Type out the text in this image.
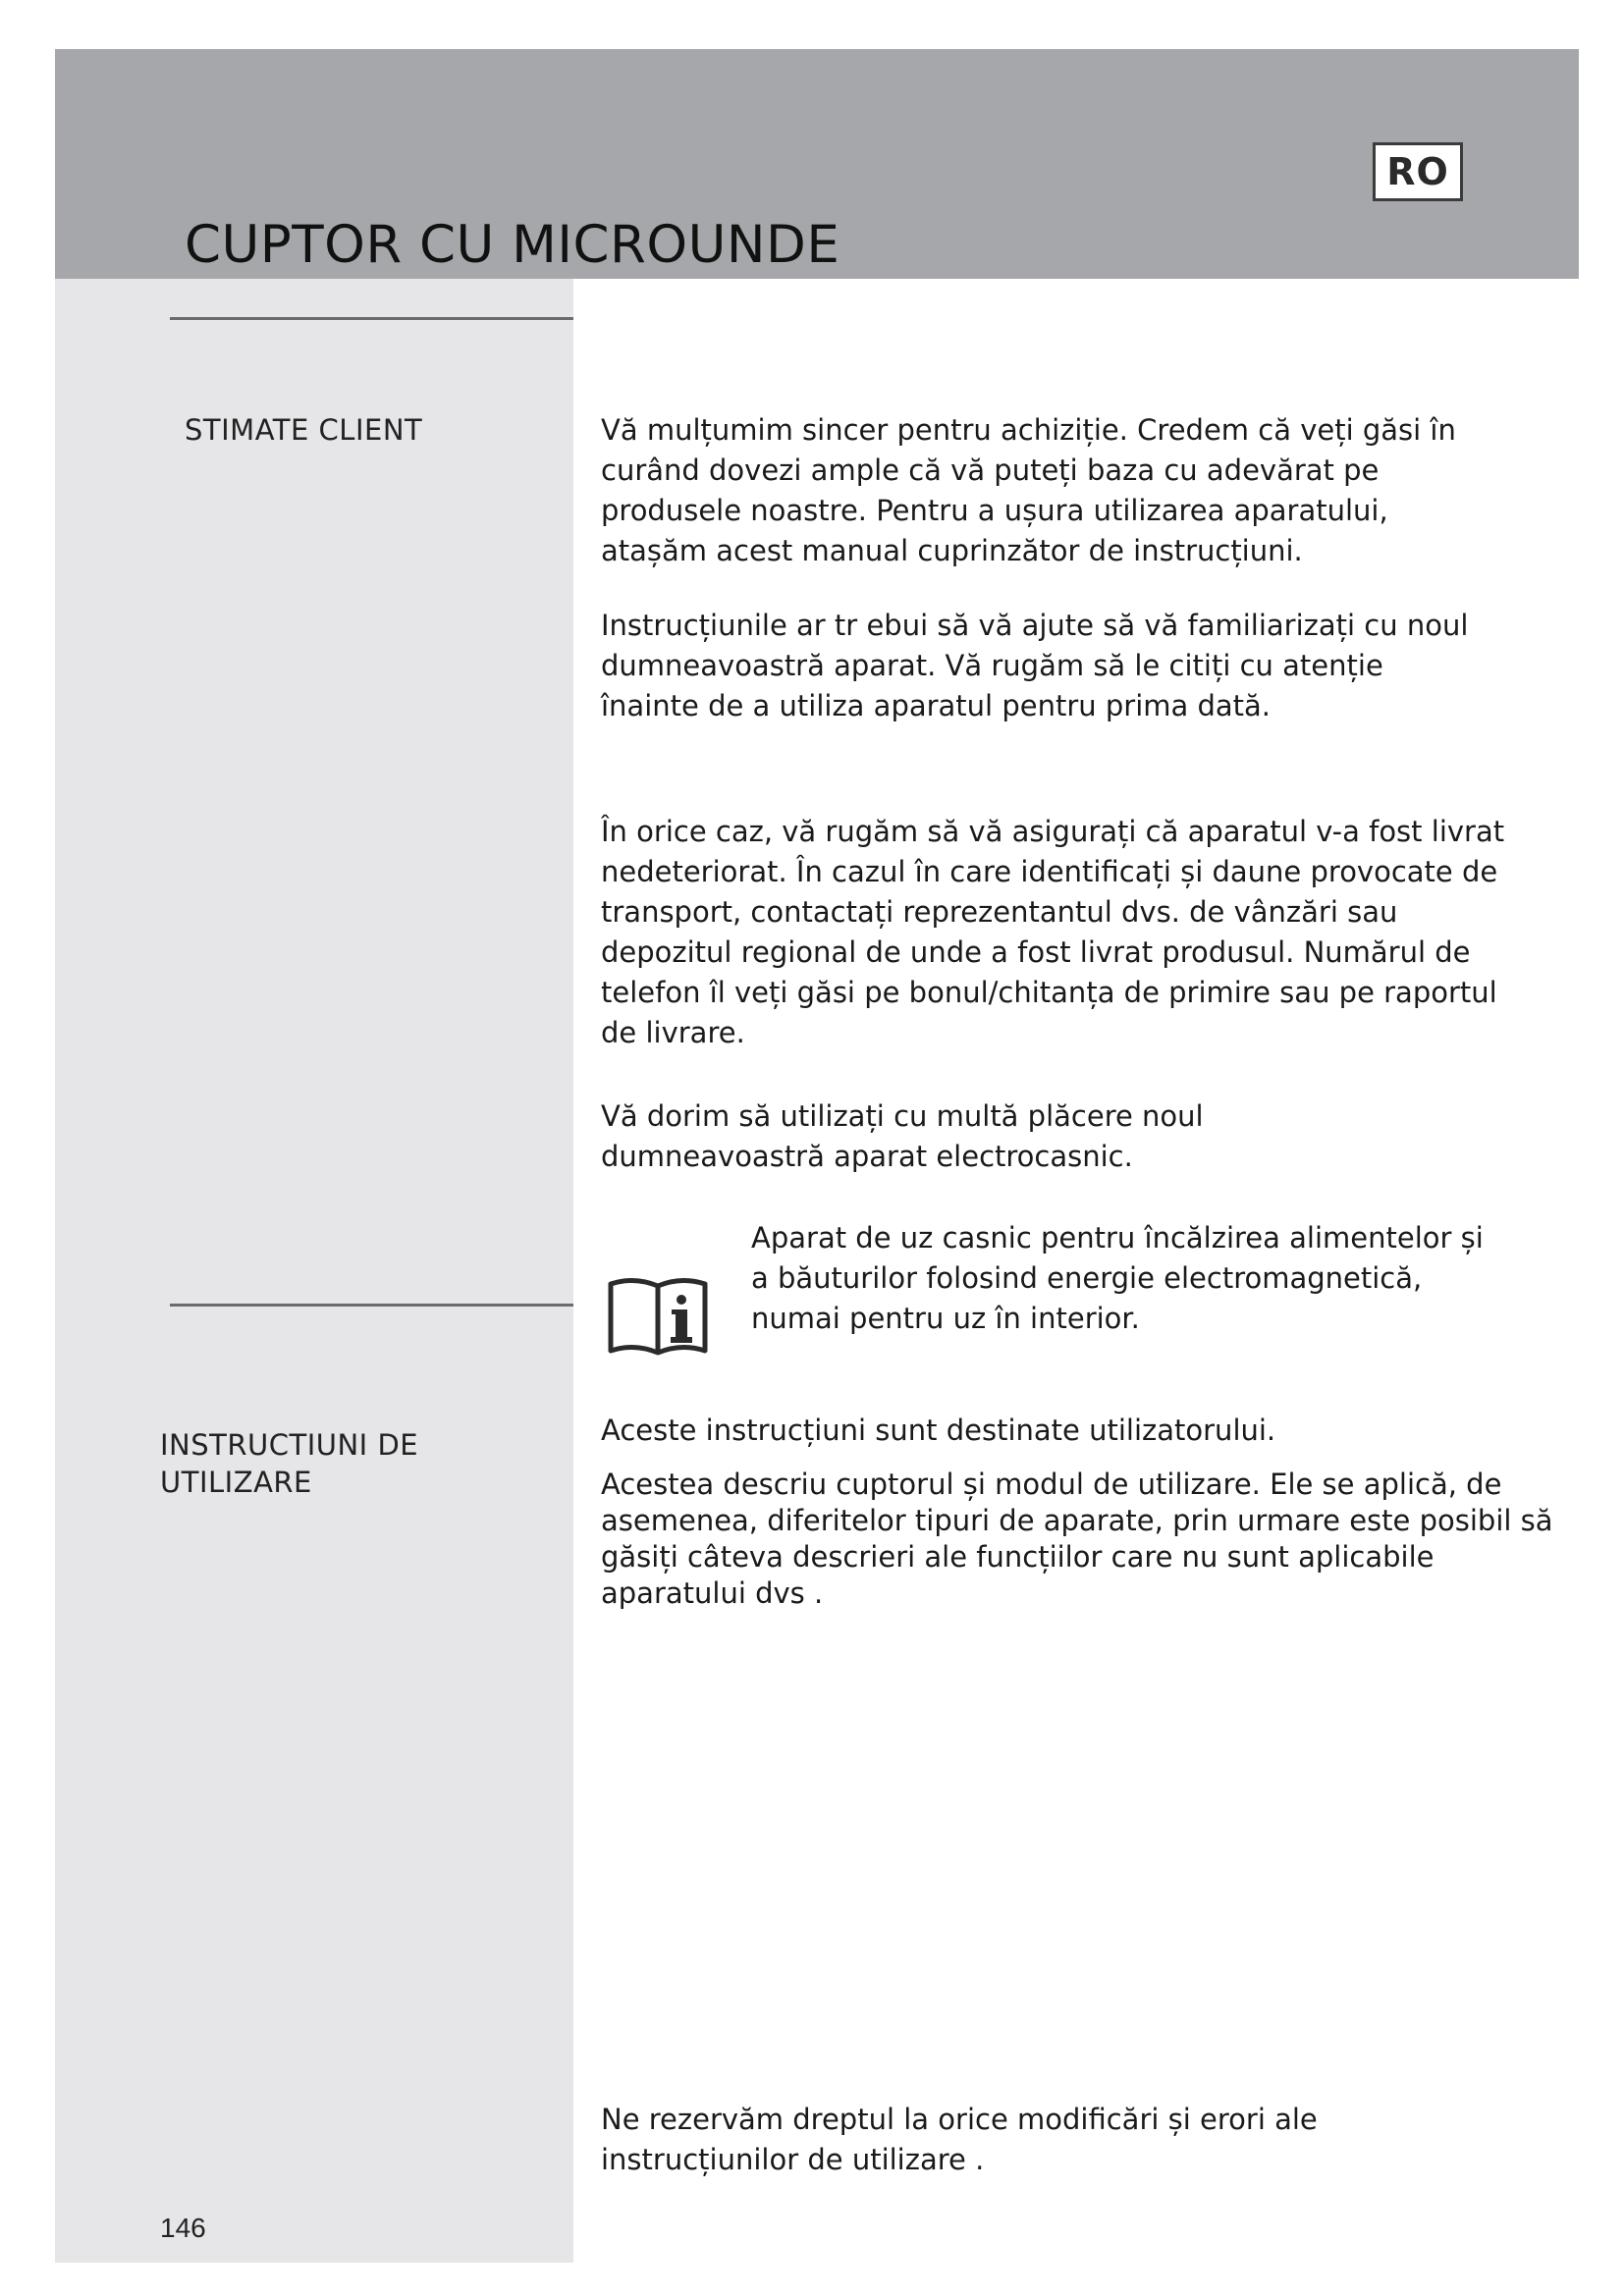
RO
CUPTOR CU MICROUNDE

STIMATE CLIENT	Vă mulțumim sincer pentru achiziție. Credem că veți găsi în curând dovezi ample că vă puteți baza cu adevărat pe produsele noastre. Pentru a ușura utilizarea aparatului, atașăm acest manual cuprinzător de instrucțiuni.

Instrucțiunile ar tr ebui să vă ajute să vă familiarizați cu noul dumneavoastră aparat. Vă rugăm să le citiți cu atenție înainte de a utiliza aparatul pentru prima dată.

În orice caz, vă rugăm să vă asigurați că aparatul v-a fost livrat nedeteriorat. În cazul în care identificați și daune provocate de transport, contactați reprezentantul dvs. de vânzări sau depozitul regional de unde a fost livrat produsul. Numărul de telefon îl veți găsi pe bonul/chitanța de primire sau pe raportul de livrare.

Vă dorim să utilizați cu multă plăcere noul dumneavoastră aparat electrocasnic.

Aparat de uz casnic pentru încălzirea alimentelor și a băuturilor folosind energie electromagnetică, numai pentru uz în interior.

INSTRUCTIUNI DE

UTILIZARE

Aceste instrucțiuni sunt destinate utilizatorului.

Acestea descriu cuptorul și modul de utilizare. Ele se aplică, de asemenea, diferitelor tipuri de aparate, prin urmare este posibil să găsiți câteva descrieri ale funcțiilor care nu sunt aplicabile aparatului dvs .

Ne rezervăm dreptul la orice modificări și erori ale instrucțiunilor de utilizare .

146
